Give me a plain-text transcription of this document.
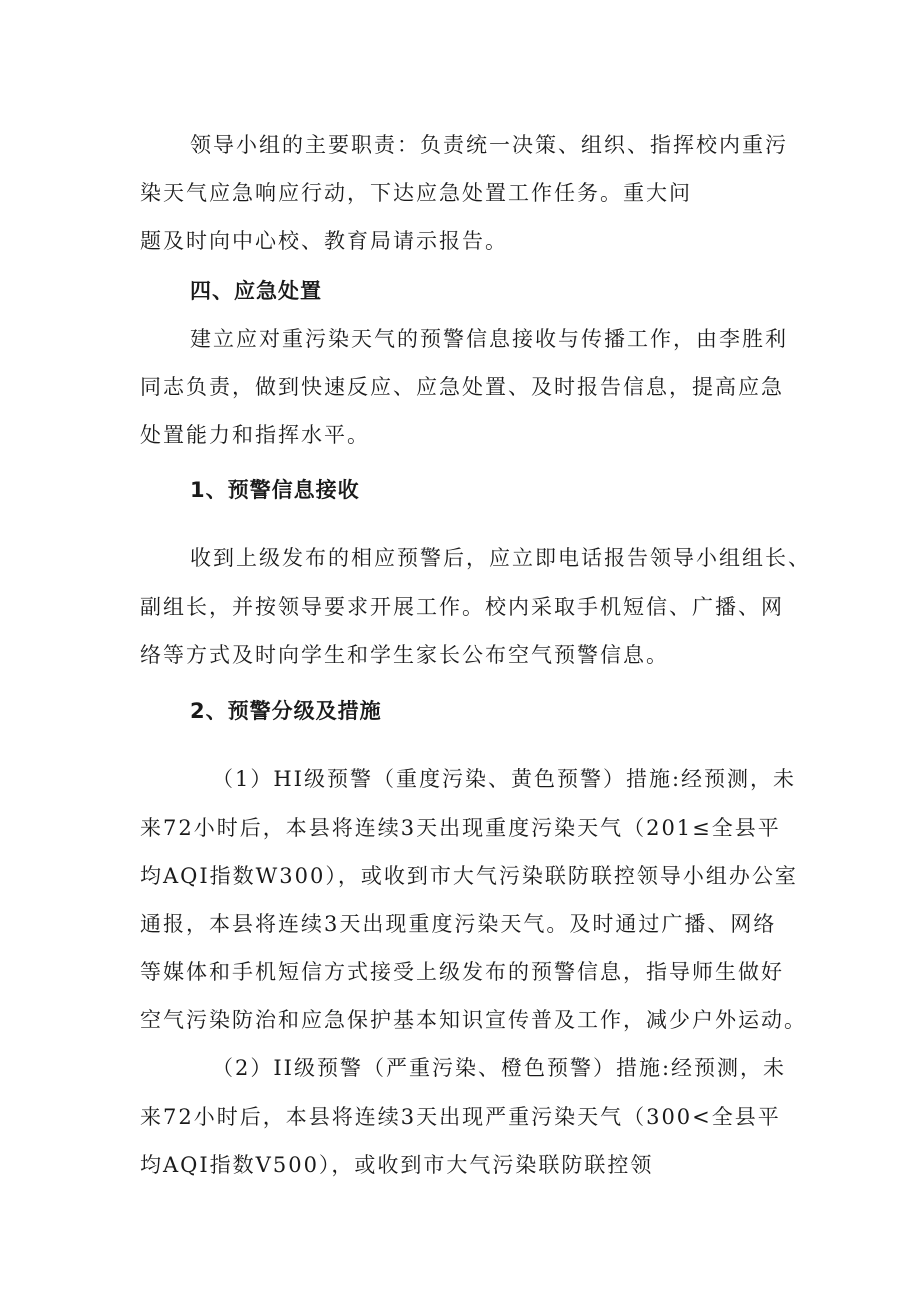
领导小组的主要职责：负责统一决策、组织、指挥校内重污
染天气应急响应行动，下达应急处置工作任务。重大问
题及时向中心校、教育局请示报告。
四、应急处置
建立应对重污染天气的预警信息接收与传播工作，由李胜利
同志负责，做到快速反应、应急处置、及时报告信息，提高应急
处置能力和指挥水平。
1、预警信息接收
收到上级发布的相应预警后，应立即电话报告领导小组组长、
副组长，并按领导要求开展工作。校内采取手机短信、广播、网
络等方式及时向学生和学生家长公布空气预警信息。
2、预警分级及措施
（1）HI级预警（重度污染、黄色预警）措施:经预测，未
来72小时后，本县将连续3天出现重度污染天气（201≤全县平
均AQI指数W300），或收到市大气污染联防联控领导小组办公室
通报，本县将连续3天出现重度污染天气。及时通过广播、网络
等媒体和手机短信方式接受上级发布的预警信息，指导师生做好
空气污染防治和应急保护基本知识宣传普及工作，减少户外运动。
（2）II级预警（严重污染、橙色预警）措施:经预测，未
来72小时后，本县将连续3天出现严重污染天气（300<全县平
均AQI指数V500），或收到市大气污染联防联控领
